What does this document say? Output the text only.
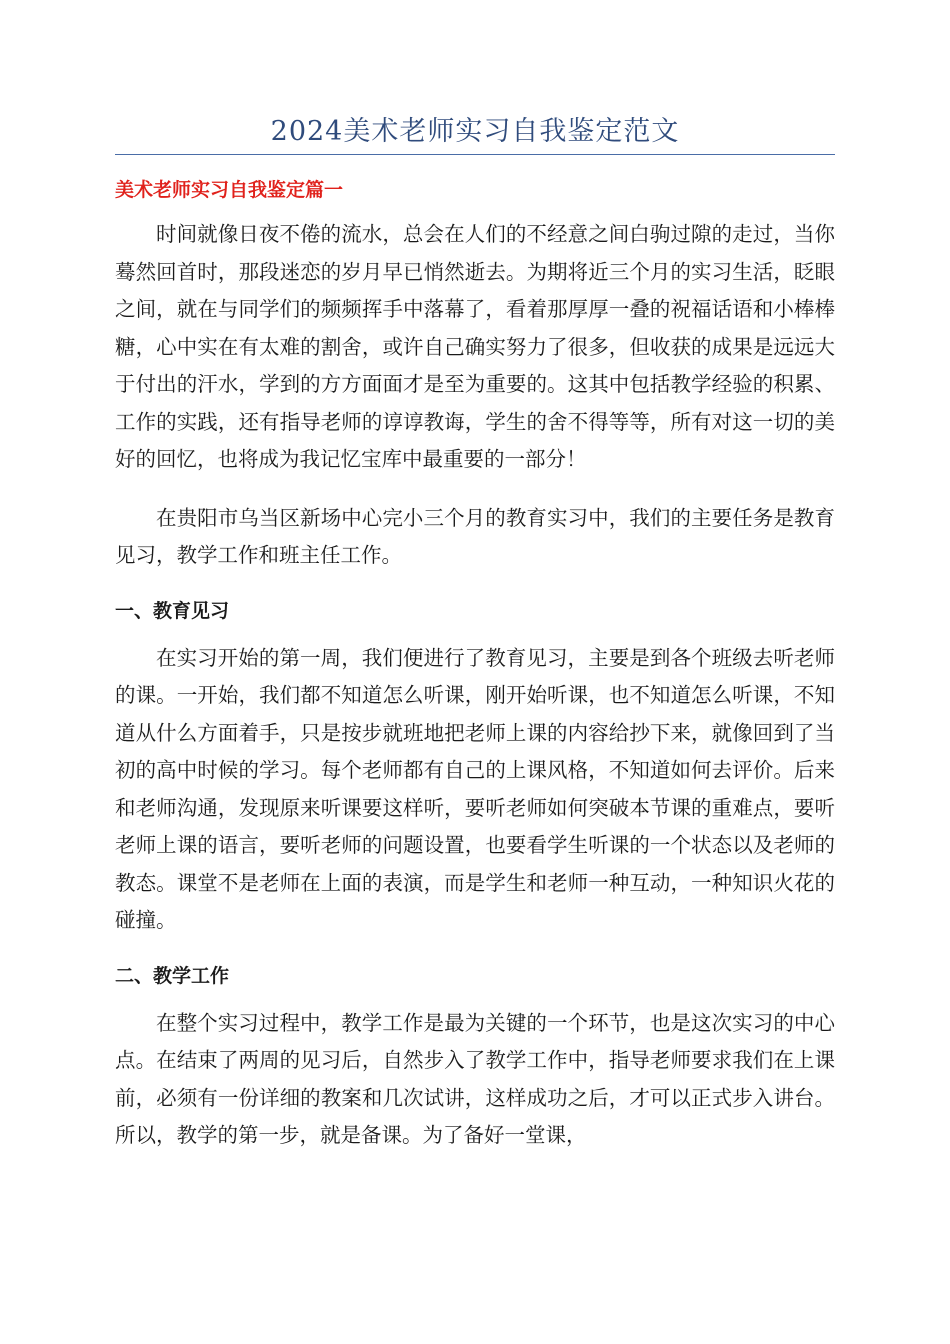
2024美术老师实习自我鉴定范文
美术老师实习自我鉴定篇一

时间就像日夜不倦的流水，总会在人们的不经意之间白驹过隙的走过，当你蓦然回首时，那段迷恋的岁月早已悄然逝去。为期将近三个月的实习生活，眨眼之间，就在与同学们的频频挥手中落幕了，看着那厚厚一叠的祝福话语和小棒棒糖，心中实在有太难的割舍，或许自己确实努力了很多，但收获的成果是远远大于付出的汗水，学到的方方面面才是至为重要的。这其中包括教学经验的积累、工作的实践，还有指导老师的谆谆教诲，学生的舍不得等等，所有对这一切的美好的回忆，也将成为我记忆宝库中最重要的一部分！

在贵阳市乌当区新场中心完小三个月的教育实习中，我们的主要任务是教育见习，教学工作和班主任工作。

一、教育见习

在实习开始的第一周，我们便进行了教育见习，主要是到各个班级去听老师的课。一开始，我们都不知道怎么听课，刚开始听课，也不知道怎么听课，不知道从什么方面着手，只是按步就班地把老师上课的内容给抄下来，就像回到了当初的高中时候的学习。每个老师都有自己的上课风格，不知道如何去评价。后来和老师沟通，发现原来听课要这样听，要听老师如何突破本节课的重难点，要听老师上课的语言，要听老师的问题设置，也要看学生听课的一个状态以及老师的教态。课堂不是老师在上面的表演，而是学生和老师一种互动，一种知识火花的碰撞。

二、教学工作

在整个实习过程中，教学工作是最为关键的一个环节，也是这次实习的中心点。在结束了两周的见习后，自然步入了教学工作中，指导老师要求我们在上课前，必须有一份详细的教案和几次试讲，这样成功之后，才可以正式步入讲台。所以，教学的第一步，就是备课。为了备好一堂课，
